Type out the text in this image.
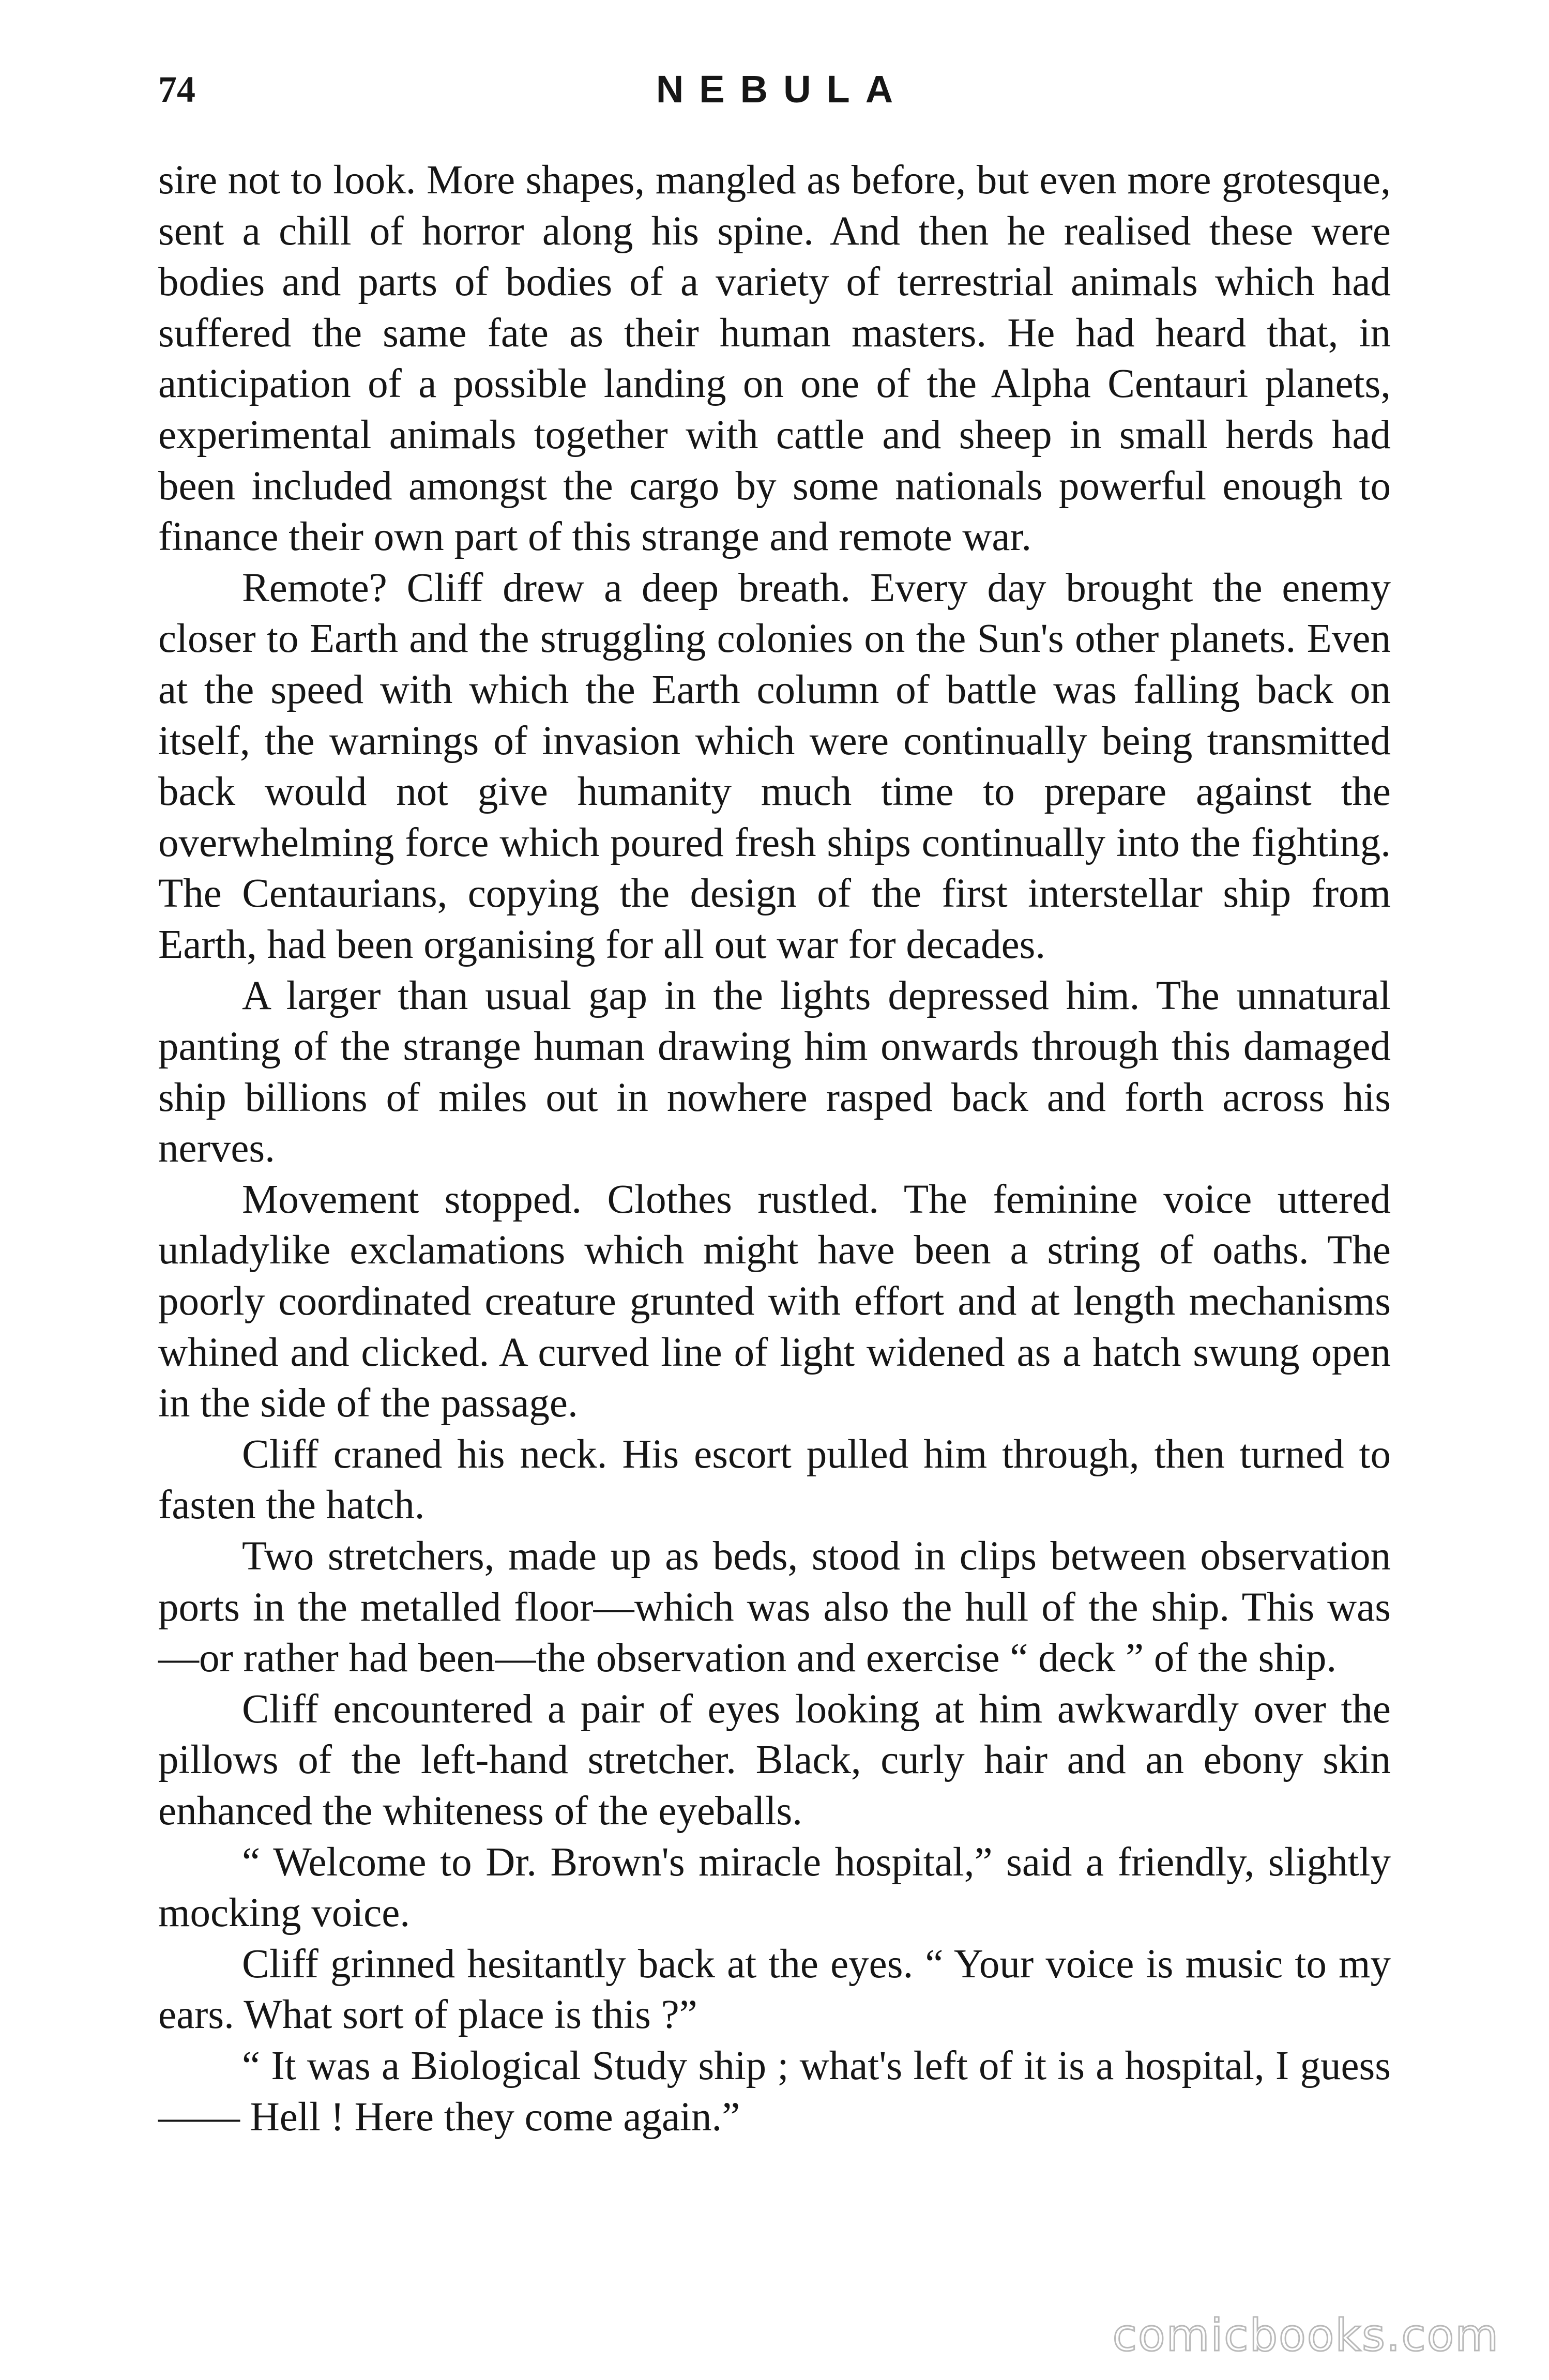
74	NEBULA

sire not to look. More shapes, mangled as before, but even more grotesque, sent a chill of horror along his spine. And then he realised these were bodies and parts of bodies of a variety of terrestrial animals which had suffered the same fate as their human masters. He had heard that, in anticipation of a possible landing on one of the Alpha Centauri planets, experimental animals together with cattle and sheep in small herds had been included amongst the cargo by some nationals powerful enough to finance their own part of this strange and remote war.

Remote? Cliff drew a deep breath. Every day brought the enemy closer to Earth and the struggling colonies on the Sun's other planets. Even at the speed with which the Earth column of battle was falling back on itself, the warnings of invasion which were continually being transmitted back would not give humanity much time to prepare against the overwhelming force which poured fresh ships continually into the fighting. The Centaurians, copying the design of the first interstellar ship from Earth, had been organising for all out war for decades.

A larger than usual gap in the lights depressed him. The unnatural panting of the strange human drawing him onwards through this damaged ship billions of miles out in nowhere rasped back and forth across his nerves.

Movement stopped. Clothes rustled. The feminine voice uttered unladylike exclamations which might have been a string of oaths. The poorly coordinated creature grunted with effort and at length mechanisms whined and clicked. A curved line of light widened as a hatch swung open in the side of the passage.

Cliff craned his neck. His escort pulled him through, then turned to fasten the hatch.

Two stretchers, made up as beds, stood in clips between observation ports in the metalled floor—which was also the hull of the ship. This was—or rather had been—the observation and exercise “ deck ” of the ship.

Cliff encountered a pair of eyes looking at him awkwardly over the pillows of the left-hand stretcher. Black, curly hair and an ebony skin enhanced the whiteness of the eyeballs.

“ Welcome to Dr. Brown's miracle hospital,” said a friendly, slightly mocking voice.

Cliff grinned hesitantly back at the eyes. “ Your voice is music to my ears. What sort of place is this ?”

“ It was a Biological Study ship ; what's left of it is a hospital, I guess—— Hell ! Here they come again.”

comicbooks.com
